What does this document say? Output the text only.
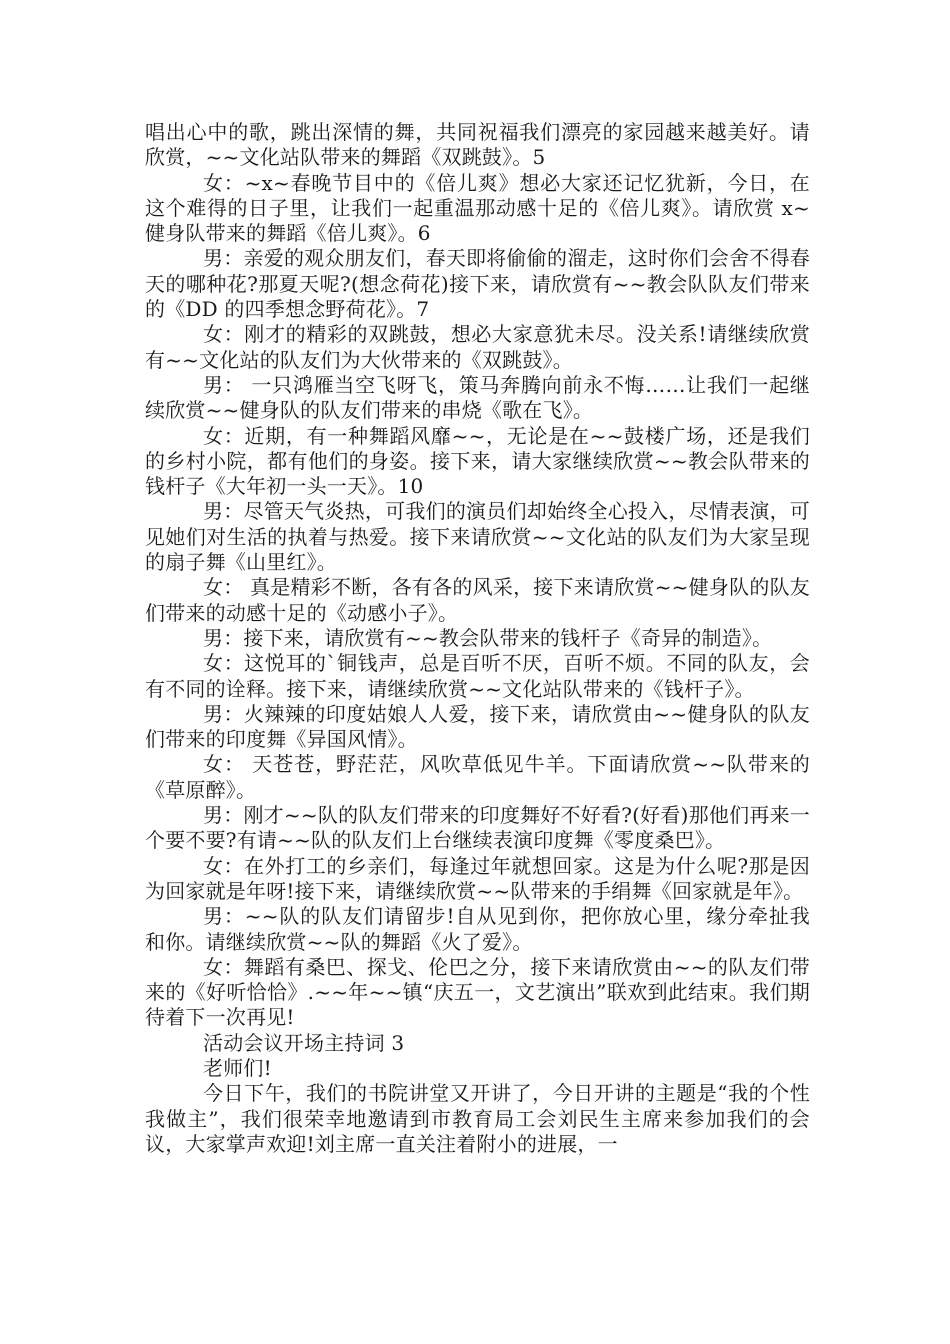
唱出心中的歌，跳出深情的舞，共同祝福我们漂亮的家园越来越美好。请欣赏，~~文化站队带来的舞蹈《双跳鼓》。5

女：~x~春晚节目中的《倍儿爽》想必大家还记忆犹新，今日，在这个难得的日子里，让我们一起重温那动感十足的《倍儿爽》。请欣赏 x~健身队带来的舞蹈《倍儿爽》。6

男：亲爱的观众朋友们，春天即将偷偷的溜走，这时你们会舍不得春天的哪种花?那夏天呢?(想念荷花)接下来，请欣赏有~~教会队队友们带来的《DD 的四季想念野荷花》。7

女：刚才的精彩的双跳鼓，想必大家意犹未尽。没关系!请继续欣赏有~~文化站的队友们为大伙带来的《双跳鼓》。

男： 一只鸿雁当空飞呀飞，策马奔腾向前永不悔……让我们一起继续欣赏~~健身队的队友们带来的串烧《歌在飞》。

女：近期，有一种舞蹈风靡~~，无论是在~~鼓楼广场，还是我们的乡村小院，都有他们的身姿。接下来，请大家继续欣赏~~教会队带来的钱杆子《大年初一头一天》。10

男：尽管天气炎热，可我们的演员们却始终全心投入，尽情表演，可见她们对生活的执着与热爱。接下来请欣赏~~文化站的队友们为大家呈现的扇子舞《山里红》。

女： 真是精彩不断，各有各的风采，接下来请欣赏~~健身队的队友们带来的动感十足的《动感小子》。

男：接下来，请欣赏有~~教会队带来的钱杆子《奇异的制造》。

女：这悦耳的`铜钱声，总是百听不厌，百听不烦。不同的队友，会有不同的诠释。接下来，请继续欣赏~~文化站队带来的《钱杆子》。

男：火辣辣的印度姑娘人人爱，接下来，请欣赏由~~健身队的队友们带来的印度舞《异国风情》。

女： 天苍苍，野茫茫，风吹草低见牛羊。下面请欣赏~~队带来的《草原醉》。

男：刚才~~队的队友们带来的印度舞好不好看?(好看)那他们再来一个要不要?有请~~队的队友们上台继续表演印度舞《零度桑巴》。

女：在外打工的乡亲们，每逢过年就想回家。这是为什么呢?那是因为回家就是年呀!接下来，请继续欣赏~~队带来的手绢舞《回家就是年》。

男：~~队的队友们请留步!自从见到你，把你放心里，缘分牵扯我和你。请继续欣赏~~队的舞蹈《火了爱》。

女：舞蹈有桑巴、探戈、伦巴之分，接下来请欣赏由~~的队友们带来的《好听恰恰》.~~年~~镇“庆五一，文艺演出”联欢到此结束。我们期待着下一次再见!

活动会议开场主持词 3

老师们!

今日下午，我们的书院讲堂又开讲了，今日开讲的主题是“我的个性我做主”，我们很荣幸地邀请到市教育局工会刘民生主席来参加我们的会议，大家掌声欢迎!刘主席一直关注着附小的进展，一
